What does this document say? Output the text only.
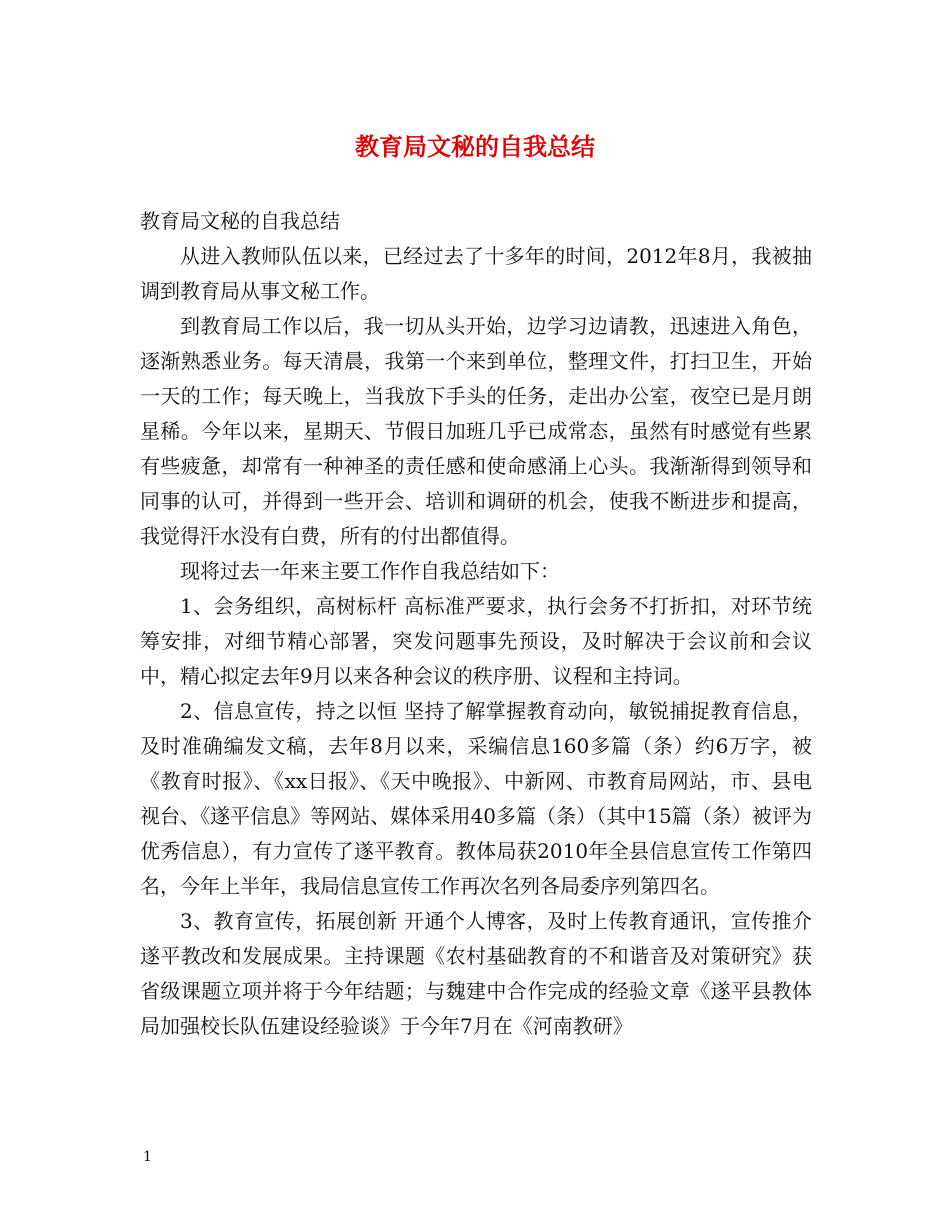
教育局文秘的自我总结

教育局文秘的自我总结

从进入教师队伍以来，已经过去了十多年的时间，2012年8月，我被抽调到教育局从事文秘工作。

到教育局工作以后，我一切从头开始，边学习边请教，迅速进入角色，逐渐熟悉业务。每天清晨，我第一个来到单位，整理文件，打扫卫生，开始一天的工作；每天晚上，当我放下手头的任务，走出办公室，夜空已是月朗星稀。今年以来，星期天、节假日加班几乎已成常态，虽然有时感觉有些累有些疲惫，却常有一种神圣的责任感和使命感涌上心头。我渐渐得到领导和同事的认可，并得到一些开会、培训和调研的机会，使我不断进步和提高，我觉得汗水没有白费，所有的付出都值得。

现将过去一年来主要工作作自我总结如下：

1、会务组织，高树标杆 高标准严要求，执行会务不打折扣，对环节统筹安排，对细节精心部署，突发问题事先预设，及时解决于会议前和会议中，精心拟定去年9月以来各种会议的秩序册、议程和主持词。

2、信息宣传，持之以恒 坚持了解掌握教育动向，敏锐捕捉教育信息，及时准确编发文稿，去年8月以来，采编信息160多篇（条）约6万字，被《教育时报》、《xx日报》、《天中晚报》、中新网、市教育局网站，市、县电视台、《遂平信息》等网站、媒体采用40多篇（条）（其中15篇（条）被评为优秀信息），有力宣传了遂平教育。教体局获2010年全县信息宣传工作第四名，今年上半年，我局信息宣传工作再次名列各局委序列第四名。

3、教育宣传，拓展创新 开通个人博客，及时上传教育通讯，宣传推介遂平教改和发展成果。主持课题《农村基础教育的不和谐音及对策研究》获省级课题立项并将于今年结题；与魏建中合作完成的经验文章《遂平县教体局加强校长队伍建设经验谈》于今年7月在《河南教研》

1
